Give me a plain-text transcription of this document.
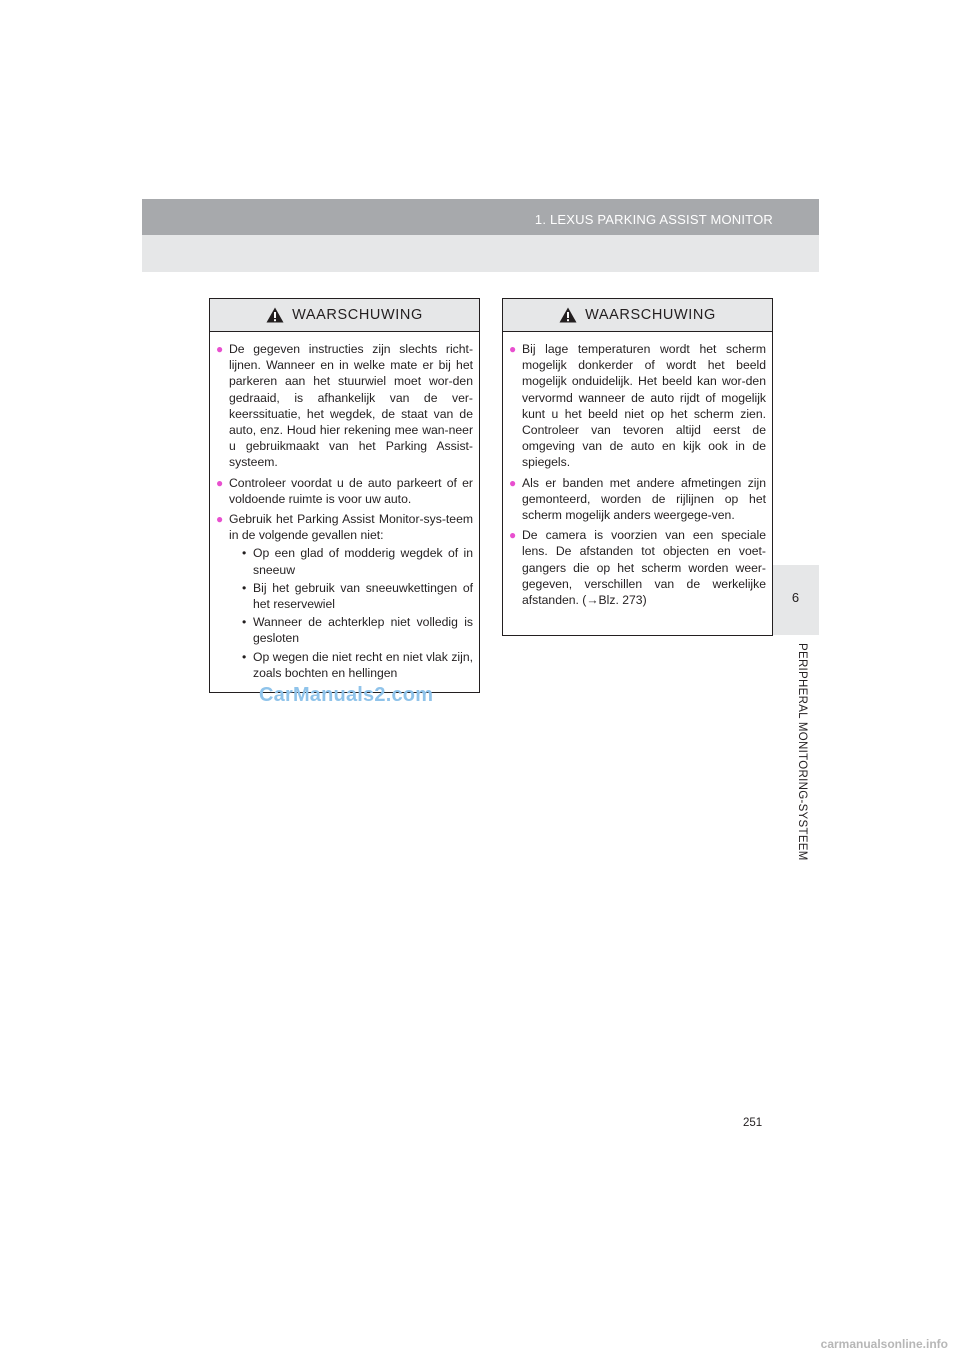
1. LEXUS PARKING ASSIST MONITOR
6
PERIPHERAL MONITORING-SYSTEEM
WAARSCHUWING
● De gegeven instructies zijn slechts richt-lijnen. Wanneer en in welke mate er bij het parkeren aan het stuurwiel moet wor-den gedraaid, is afhankelijk van de ver-keerssituatie, het wegdek, de staat van de auto, enz. Houd hier rekening mee wan-neer u gebruikmaakt van het Parking Assist-systeem.
● Controleer voordat u de auto parkeert of er voldoende ruimte is voor uw auto.
● Gebruik het Parking Assist Monitor-sys-teem in de volgende gevallen niet:
• Op een glad of modderig wegdek of in sneeuw
• Bij het gebruik van sneeuwkettingen of het reservewiel
• Wanneer de achterklep niet volledig is gesloten
• Op wegen die niet recht en niet vlak zijn, zoals bochten en hellingen
WAARSCHUWING
● Bij lage temperaturen wordt het scherm mogelijk donkerder of wordt het beeld mogelijk onduidelijk. Het beeld kan wor-den vervormd wanneer de auto rijdt of mogelijk kunt u het beeld niet op het scherm zien. Controleer van tevoren altijd eerst de omgeving van de auto en kijk ook in de spiegels.
● Als er banden met andere afmetingen zijn gemonteerd, worden de rijlijnen op het scherm mogelijk anders weergege-ven.
● De camera is voorzien van een speciale lens. De afstanden tot objecten en voet-gangers die op het scherm worden weer-gegeven, verschillen van de werkelijke afstanden. (→Blz. 273)
CarManuals2.com
251
carmanualsonline.info
